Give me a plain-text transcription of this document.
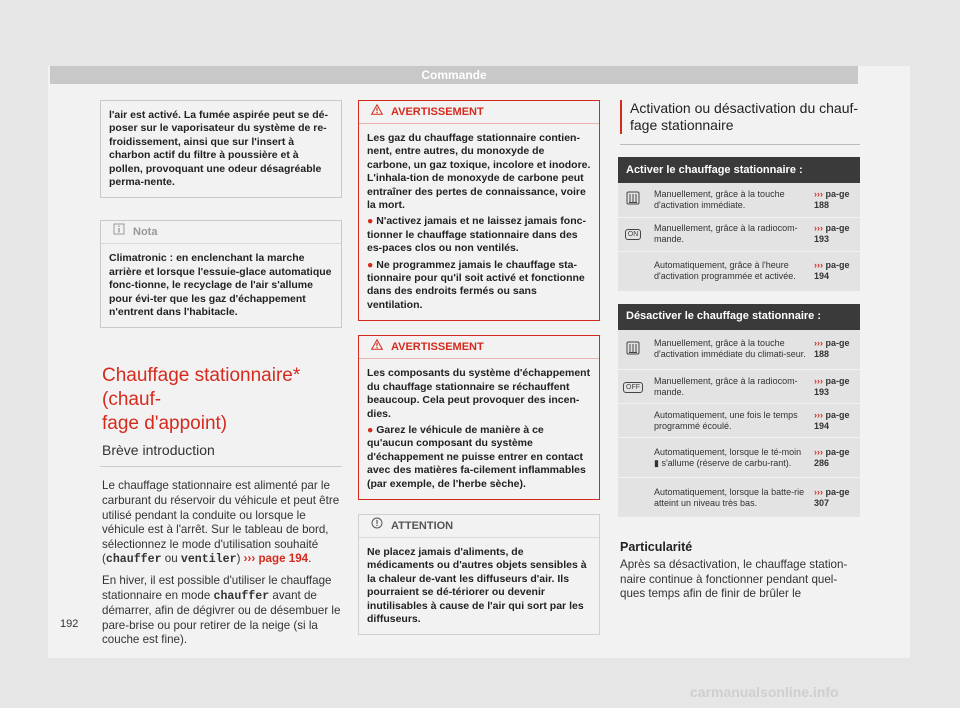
Commande
l'air est activé. La fumée aspirée peut se dé-poser sur le vaporisateur du système de re-froidissement, ainsi que sur l'insert à charbon actif du filtre à poussière et à pollen, provoquant une odeur désagréable perma-nente.
Nota
Climatronic : en enclenchant la marche arrière et lorsque l'essuie-glace automatique fonc-tionne, le recyclage de l'air s'allume pour évi-ter que les gaz d'échappement n'entrent dans l'habitacle.
Chauffage stationnaire* (chauf-
fage d'appoint)
Brève introduction

Le chauffage stationnaire est alimenté par le carburant du réservoir du véhicule et peut être utilisé pendant la conduite ou lorsque le véhicule est à l'arrêt. Sur le tableau de bord, sélectionnez le mode d'utilisation souhaité (chauffer ou ventiler) ››› page 194.

En hiver, il est possible d'utiliser le chauffage stationnaire en mode chauffer avant de démarrer, afin de dégivrer ou de désembuer le pare-brise ou pour retirer de la neige (si la couche est fine).

AVERTISSEMENT
Les gaz du chauffage stationnaire contien-nent, entre autres, du monoxyde de carbone, un gaz toxique, incolore et inodore. L'inhala-tion de monoxyde de carbone peut entraîner des pertes de connaissance, voire la mort.
● N'activez jamais et ne laissez jamais fonc-tionner le chauffage stationnaire dans des es-paces clos ou non ventilés.
● Ne programmez jamais le chauffage sta-tionnaire pour qu'il soit activé et fonctionne dans des endroits fermés ou sans ventilation.
AVERTISSEMENT
Les composants du système d'échappement du chauffage stationnaire se réchauffent beaucoup. Cela peut provoquer des incen-dies.
● Garez le véhicule de manière à ce qu'aucun composant du système d'échappement ne puisse entrer en contact avec des matières fa-cilement inflammables (par exemple, de l'herbe sèche).
ATTENTION
Ne placez jamais d'aliments, de médicaments ou d'autres objets sensibles à la chaleur de-vant les diffuseurs d'air. Ils pourraient se dé-tériorer ou devenir inutilisables à cause de l'air qui sort par les diffuseurs.
Activation ou désactivation du chauf-fage stationnaire
Activer le chauffage stationnaire :		
	Manuellement, grâce à la touche d'activation immédiate.	››› pa-ge 188
ON	Manuellement, grâce à la radiocom-mande.	››› pa-ge 193
	Automatiquement, grâce à l'heure d'activation programmée et activée.	››› pa-ge 194
Désactiver le chauffage stationnaire :		
	Manuellement, grâce à la touche d'activation immédiate du climati-seur.	››› pa-ge 188
OFF	Manuellement, grâce à la radiocom-mande.	››› pa-ge 193
	Automatiquement, une fois le temps programmé écoulé.	››› pa-ge 194
	Automatiquement, lorsque le té-moin ▮ s'allume (réserve de carbu-rant).	››› pa-ge 286
	Automatiquement, lorsque la batte-rie atteint un niveau très bas.	››› pa-ge 307
Particularité

Après sa désactivation, le chauffage station-naire continue à fonctionner pendant quel-ques temps afin de finir de brûler le

192
carmanualsonline.info
